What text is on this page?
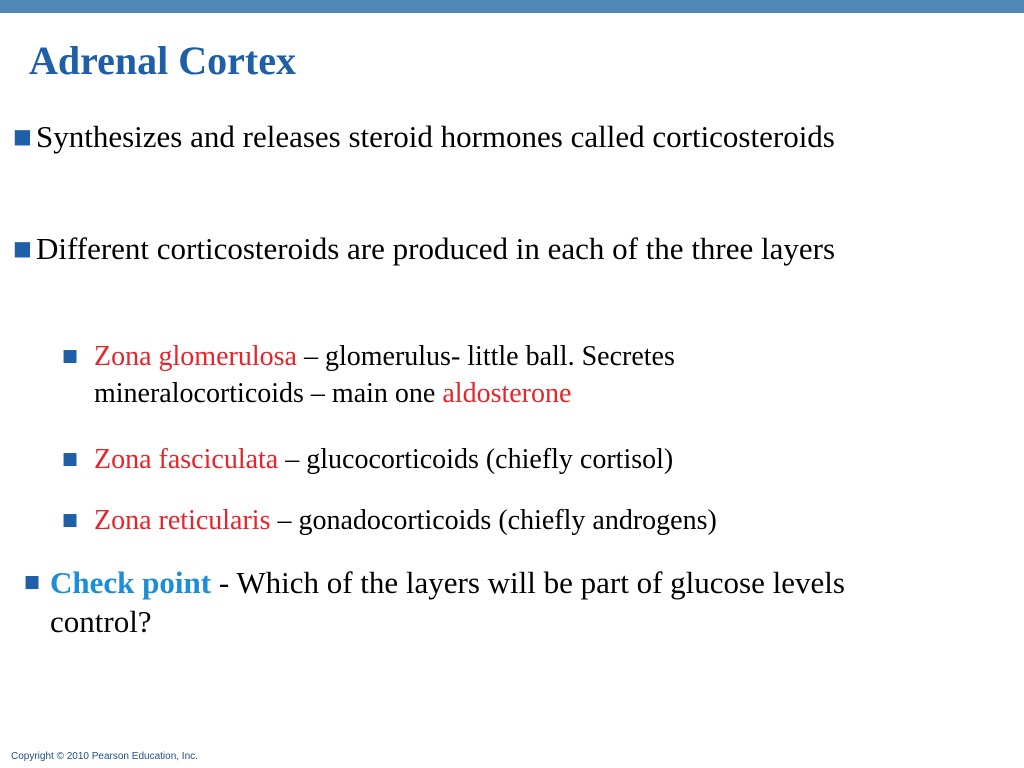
Adrenal Cortex
■ Synthesizes and releases steroid hormones called corticosteroids
■ Different corticosteroids are produced in each of the three layers
■ Zona glomerulosa – glomerulus- little ball. Secretes mineralocorticoids – main one aldosterone
■ Zona fasciculata – glucocorticoids (chiefly cortisol)
■ Zona reticularis – gonadocorticoids (chiefly androgens)
■ Check point - Which of the layers will be part of glucose levels control?
Copyright © 2010 Pearson Education, Inc.
